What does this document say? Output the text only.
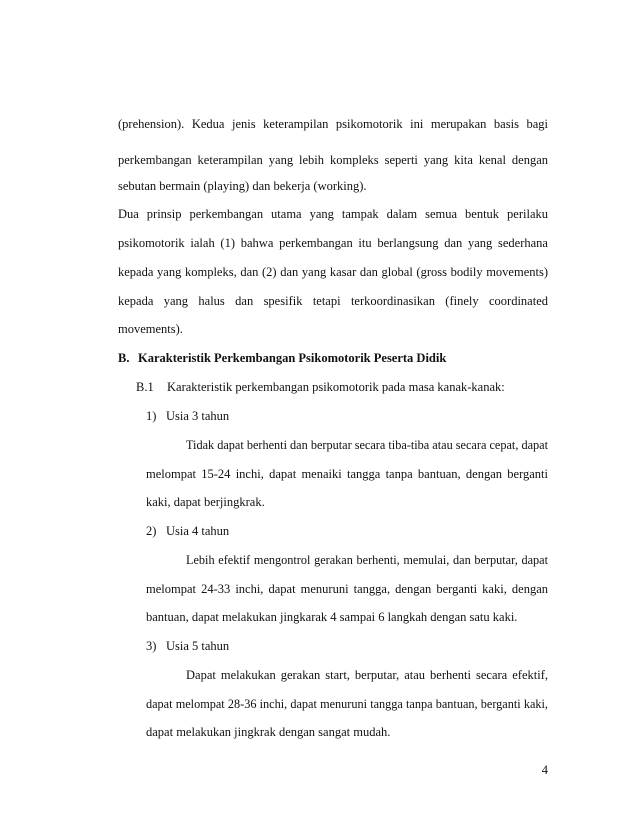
(prehension). Kedua jenis keterampilan psikomotorik ini merupakan basis bagi
perkembangan keterampilan yang lebih kompleks seperti yang kita kenal dengan
sebutan bermain (playing) dan bekerja (working).
Dua prinsip perkembangan utama yang tampak dalam semua bentuk perilaku
psikomotorik ialah (1) bahwa perkembangan itu berlangsung dan yang sederhana
kepada yang kompleks, dan (2) dan yang kasar dan global (gross bodily movements)
kepada yang halus dan spesifik tetapi terkoordinasikan (finely coordinated
movements).
B. Karakteristik Perkembangan Psikomotorik Peserta Didik
B.1 Karakteristik perkembangan psikomotorik pada masa kanak-kanak:
1) Usia 3 tahun
Tidak dapat berhenti dan berputar secara tiba-tiba atau secara cepat, dapat
melompat 15-24 inchi, dapat menaiki tangga tanpa bantuan, dengan berganti
kaki, dapat berjingkrak.
2) Usia 4 tahun
Lebih efektif mengontrol gerakan berhenti, memulai, dan berputar, dapat
melompat 24-33 inchi, dapat menuruni tangga, dengan berganti kaki, dengan
bantuan, dapat melakukan jingkarak 4 sampai 6 langkah dengan satu kaki.
3) Usia 5 tahun
Dapat melakukan gerakan start, berputar, atau berhenti secara efektif,
dapat melompat 28-36 inchi, dapat menuruni tangga tanpa bantuan, berganti kaki,
dapat melakukan jingkrak dengan sangat mudah.
4
